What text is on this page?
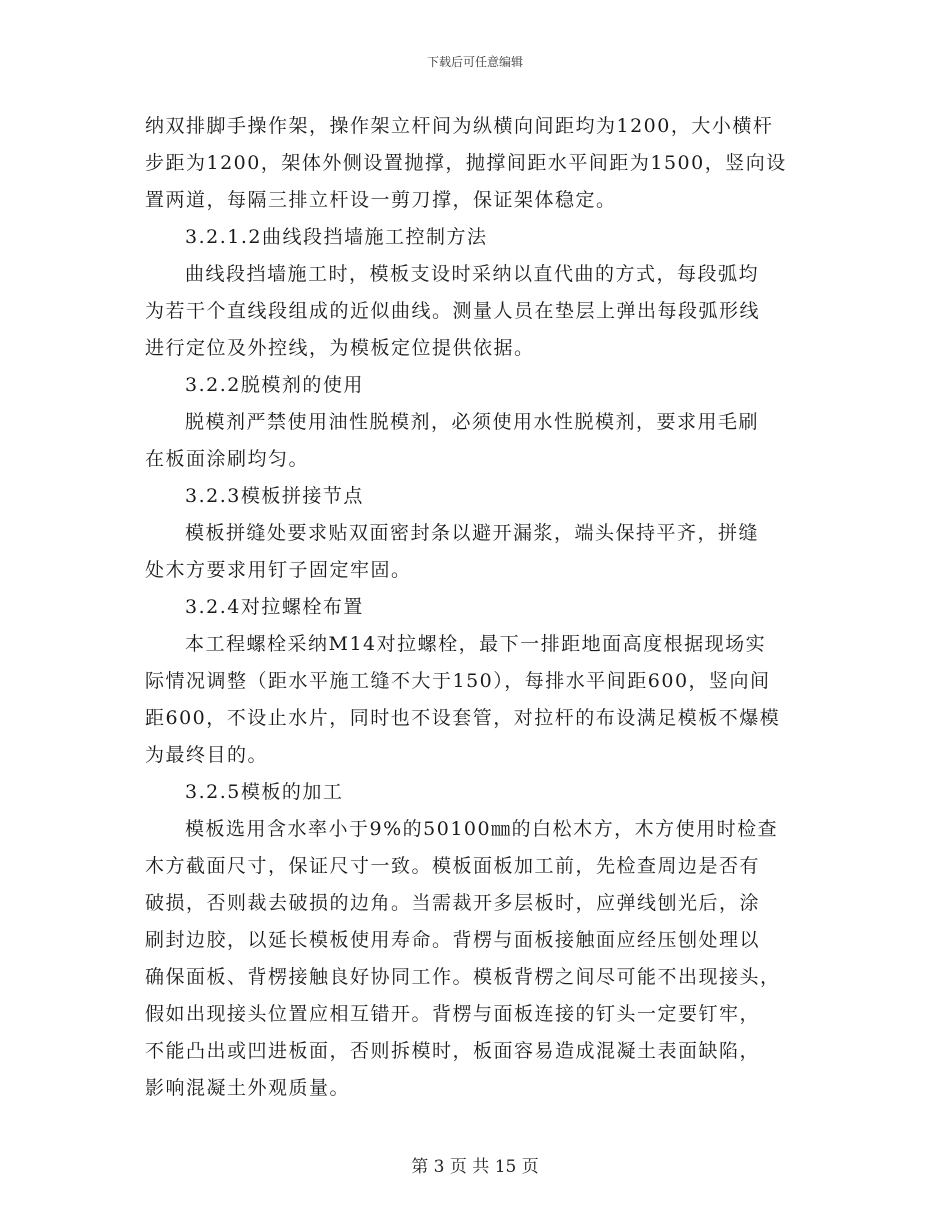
下载后可任意编辑

纳双排脚手操作架，操作架立杆间为纵横向间距均为1200，大小横杆

步距为1200，架体外侧设置抛撑，抛撑间距水平间距为1500，竖向设

置两道，每隔三排立杆设一剪刀撑，保证架体稳定。

3.2.1.2曲线段挡墙施工控制方法

曲线段挡墙施工时，模板支设时采纳以直代曲的方式，每段弧均

为若干个直线段组成的近似曲线。测量人员在垫层上弹出每段弧形线

进行定位及外控线，为模板定位提供依据。

3.2.2脱模剂的使用

脱模剂严禁使用油性脱模剂，必须使用水性脱模剂，要求用毛刷

在板面涂刷均匀。

3.2.3模板拼接节点

模板拼缝处要求贴双面密封条以避开漏浆，端头保持平齐，拼缝

处木方要求用钉子固定牢固。

3.2.4对拉螺栓布置

本工程螺栓采纳M14对拉螺栓，最下一排距地面高度根据现场实

际情况调整（距水平施工缝不大于150），每排水平间距600，竖向间

距600，不设止水片，同时也不设套管，对拉杆的布设满足模板不爆模

为最终目的。

3.2.5模板的加工

模板选用含水率小于9%的50100㎜的白松木方，木方使用时检查

木方截面尺寸，保证尺寸一致。模板面板加工前，先检查周边是否有

破损，否则裁去破损的边角。当需裁开多层板时，应弹线刨光后，涂

刷封边胶，以延长模板使用寿命。背楞与面板接触面应经压刨处理以

确保面板、背楞接触良好协同工作。模板背楞之间尽可能不出现接头，

假如出现接头位置应相互错开。背楞与面板连接的钉头一定要钉牢，

不能凸出或凹进板面，否则拆模时，板面容易造成混凝土表面缺陷，

影响混凝土外观质量。

第 3 页 共 15 页
